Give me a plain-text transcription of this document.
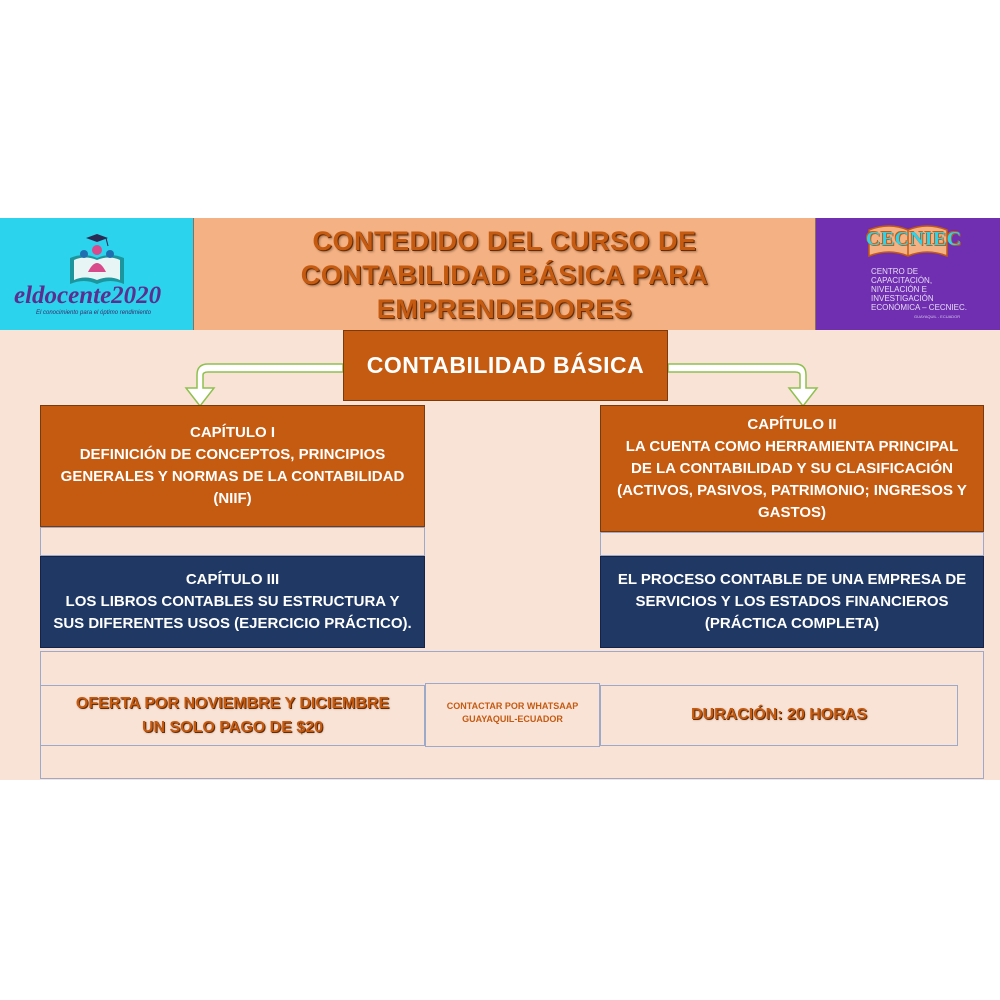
eldocente2020
El conocimiento para el óptimo rendimiento
CONTEDIDO DEL CURSO DE
CONTABILIDAD BÁSICA PARA
EMPRENDEDORES
CECNIEC
CENTRO DE
CAPACITACIÓN,
NIVELACIÓN E
INVESTIGACIÓN
ECONÓMICA – CECNIEC.
GUAYAQUIL - ECUADOR
CONTABILIDAD BÁSICA
CAPÍTULO I
DEFINICIÓN DE CONCEPTOS, PRINCIPIOS
GENERALES Y NORMAS DE LA CONTABILIDAD
(NIIF)
CAPÍTULO II
LA CUENTA COMO HERRAMIENTA PRINCIPAL
DE LA CONTABILIDAD Y SU CLASIFICACIÓN
(ACTIVOS, PASIVOS, PATRIMONIO; INGRESOS Y
GASTOS)
CAPÍTULO III
LOS LIBROS CONTABLES SU ESTRUCTURA Y
SUS DIFERENTES USOS (EJERCICIO PRÁCTICO).
EL PROCESO CONTABLE DE UNA EMPRESA DE
SERVICIOS Y LOS ESTADOS FINANCIEROS
(PRÁCTICA COMPLETA)
OFERTA POR NOVIEMBRE Y DICIEMBRE
UN SOLO PAGO DE $20
CONTACTAR POR WHATSAAP
GUAYAQUIL-ECUADOR	DURACIÓN: 20 HORAS
